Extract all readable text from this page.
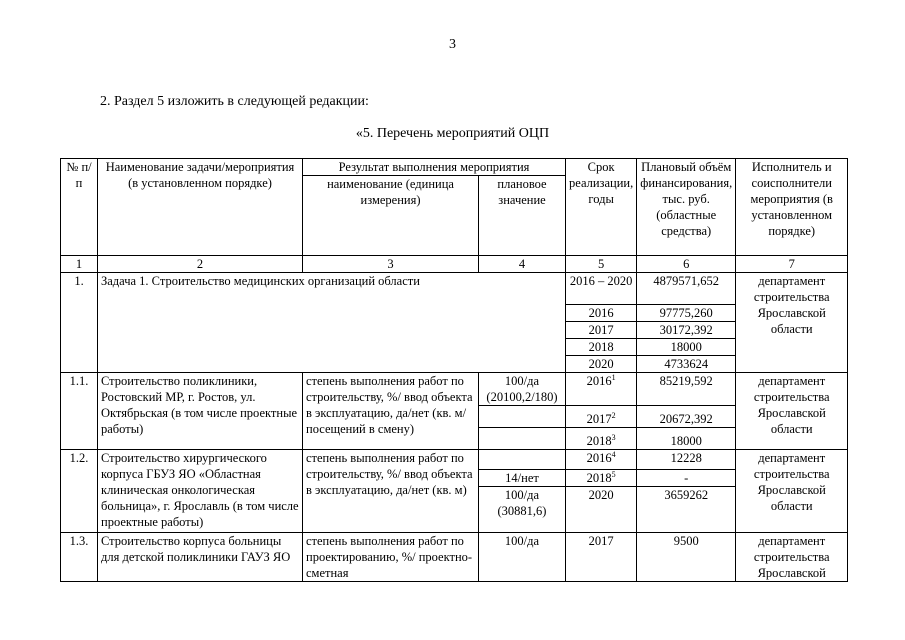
3
2. Раздел 5 изложить в следующей редакции:
«5. Перечень мероприятий ОЦП
№ п/п	Наименование задачи/мероприятия (в установленном порядке)	Результат выполнения мероприятия		Срок реализации, годы	Плановый объём финансирования, тыс. руб. (областные средства)	Исполнитель и соисполнители мероприятия (в установленном порядке)
		наименование (единица измерения)	плановое значение			
1	2	3	4	5	6	7
1.	Задача 1. Строительство медицинских организаций области			2016 – 2020	4879571,652	департамент строительства Ярославской области
				2016	97775,260	
				2017	30172,392	
				2018	18000	
				2020	4733624	
1.1.	Строительство поликлиники, Ростовский МР, г. Ростов, ул. Октябрьская (в том числе проектные работы)	степень выполнения работ по строительству, %/ ввод объекта в эксплуатацию, да/нет (кв. м/ посещений в смену)	100/да (20100,2/180)	2016$^1$	85219,592	департамент строительства Ярославской области
				2017$^2$	20672,392	
				2018$^3$	18000	
1.2.	Строительство хирургического корпуса ГБУЗ ЯО «Областная клиническая онкологическая больница», г. Ярославль (в том числе проектные работы)	степень выполнения работ по строительству, %/ ввод объекта в эксплуатацию, да/нет (кв. м)		2016$^4$	12228	департамент строительства Ярославской области
			14/нет	2018$^5$	-	
			100/да (30881,6)	2020	3659262	
1.3.	Строительство корпуса больницы для детской поликлиники ГАУЗ ЯО	степень выполнения работ по проектированию, %/ проектно-сметная	100/да	2017	9500	департамент строительства Ярославской
